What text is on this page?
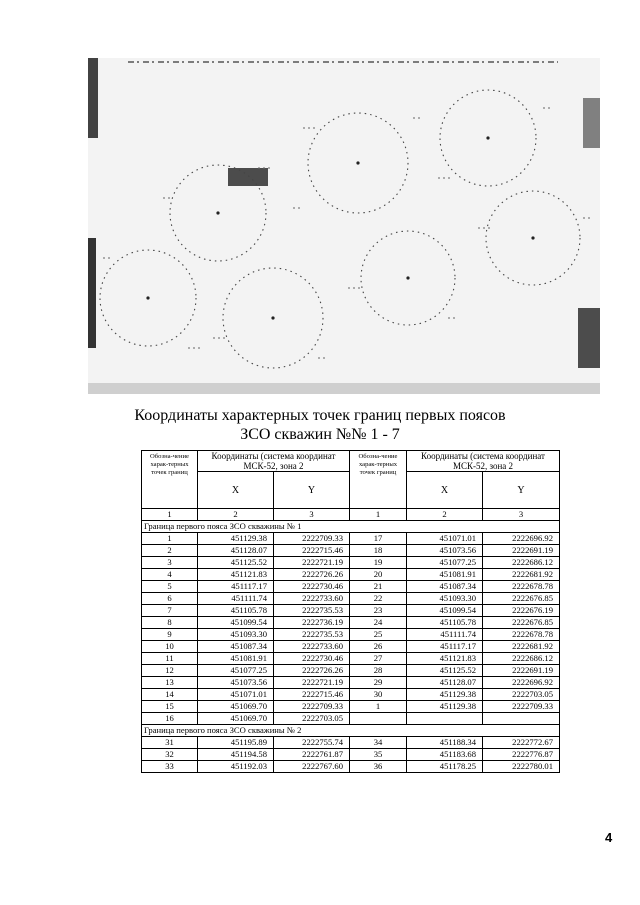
Координаты характерных точек границ первых поясов
ЗСО скважин №№ 1 - 7
Обозна-чение харак-терных точек границ	Координаты (система координат МСК-52, зона 2		Обозна-чение харак-терных точек границ	Координаты (система координат МСК-52, зона 2	
	X	Y		X	Y
1	2	3	1	2	3
Граница первого пояса ЗСО скважины № 1					
1	451129.38	2222709.33	17	451071.01	2222696.92
2	451128.07	2222715.46	18	451073.56	2222691.19
3	451125.52	2222721.19	19	451077.25	2222686.12
4	451121.83	2222726.26	20	451081.91	2222681.92
5	451117.17	2222730.46	21	451087.34	2222678.78
6	451111.74	2222733.60	22	451093.30	2222676.85
7	451105.78	2222735.53	23	451099.54	2222676.19
8	451099.54	2222736.19	24	451105.78	2222676.85
9	451093.30	2222735.53	25	451111.74	2222678.78
10	451087.34	2222733.60	26	451117.17	2222681.92
11	451081.91	2222730.46	27	451121.83	2222686.12
12	451077.25	2222726.26	28	451125.52	2222691.19
13	451073.56	2222721.19	29	451128.07	2222696.92
14	451071.01	2222715.46	30	451129.38	2222703.05
15	451069.70	2222709.33	1	451129.38	2222709.33
16	451069.70	2222703.05			
Граница первого пояса ЗСО скважины № 2					
31	451195.89	2222755.74	34	451188.34	2222772.67
32	451194.58	2222761.87	35	451183.68	2222776.87
33	451192.03	2222767.60	36	451178.25	2222780.01
4
